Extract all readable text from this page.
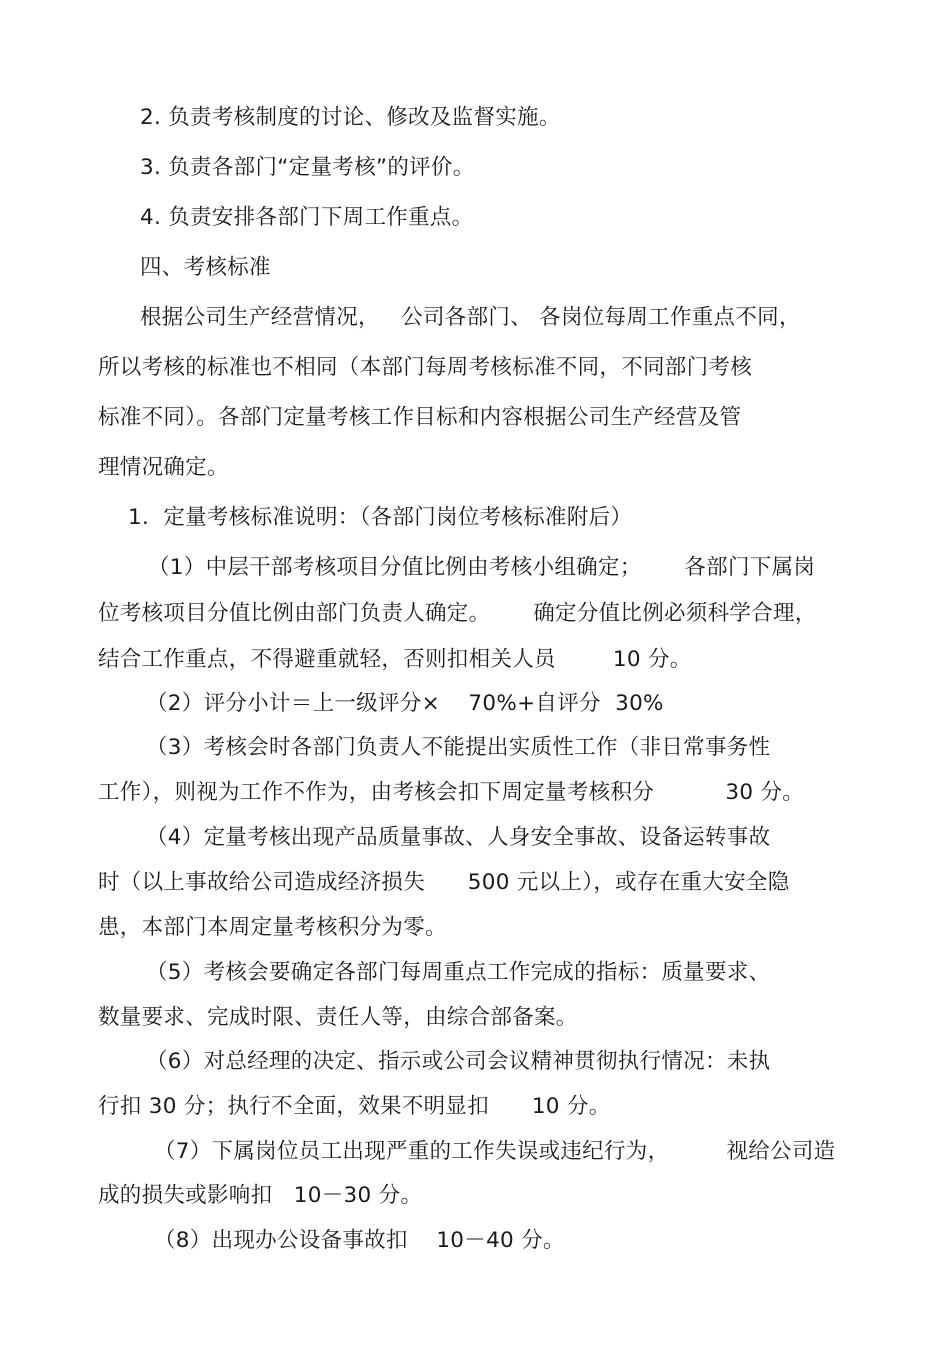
2. 负责考核制度的讨论、修改及监督实施。
3. 负责各部门“定量考核”的评价。
4. 负责安排各部门下周工作重点。
四、考核标准
根据公司生产经营情况，   公司各部门、 各岗位每周工作重点不同，
所以考核的标准也不相同（本部门每周考核标准不同，不同部门考核
标准不同）。各部门定量考核工作目标和内容根据公司生产经营及管
理情况确定。
1.  定量考核标准说明：（各部门岗位考核标准附后）
（1）中层干部考核项目分值比例由考核小组确定；      各部门下属岗
位考核项目分值比例由部门负责人确定。      确定分值比例必须科学合理，
结合工作重点，不得避重就轻，否则扣相关人员        10 分。
（2）评分小计＝上一级评分×    70%+自评分  30%
（3）考核会时各部门负责人不能提出实质性工作（非日常事务性
工作），则视为工作不作为，由考核会扣下周定量考核积分          30 分。
（4）定量考核出现产品质量事故、人身安全事故、设备运转事故
时（以上事故给公司造成经济损失      500 元以上），或存在重大安全隐
患，本部门本周定量考核积分为零。
（5）考核会要确定各部门每周重点工作完成的指标：质量要求、
数量要求、完成时限、责任人等，由综合部备案。
（6）对总经理的决定、指示或公司会议精神贯彻执行情况：未执
行扣 30 分；执行不全面，效果不明显扣      10 分。
（7）下属岗位员工出现严重的工作失误或违纪行为，        视给公司造
成的损失或影响扣   10－30 分。
（8）出现办公设备事故扣    10－40 分。
